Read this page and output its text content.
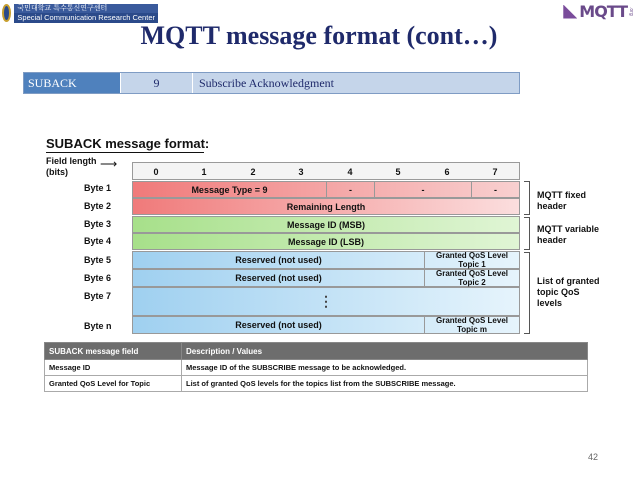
국민대학교 특수통신연구센터
Special Communication Research Center	MQTT .org
MQTT message format (cont…)
SUBACK	9	Subscribe Acknowledgment
SUBACK message format:
Field length
(bits)
⟶
0	1	2	3	4	5	6	7
Byte 1
Byte 2
Byte 3
Byte 4
Byte 5
Byte 6
Byte 7
Byte n
Message Type = 9	-	-	-
Remaining Length
Message ID (MSB)
Message ID (LSB)
Reserved (not used)	Granted QoS Level
Topic 1
Reserved (not used)	Granted QoS Level
Topic 2
⋮
Reserved (not used)	Granted QoS Level
Topic m
MQTT fixed
header
MQTT variable
header
List of granted
topic QoS
levels
SUBACK message field	Description / Values
Message ID	Message ID of the SUBSCRIBE message to be acknowledged.
Granted QoS Level for Topic	List of granted QoS levels for the topics list from the SUBSCRIBE message.
42
